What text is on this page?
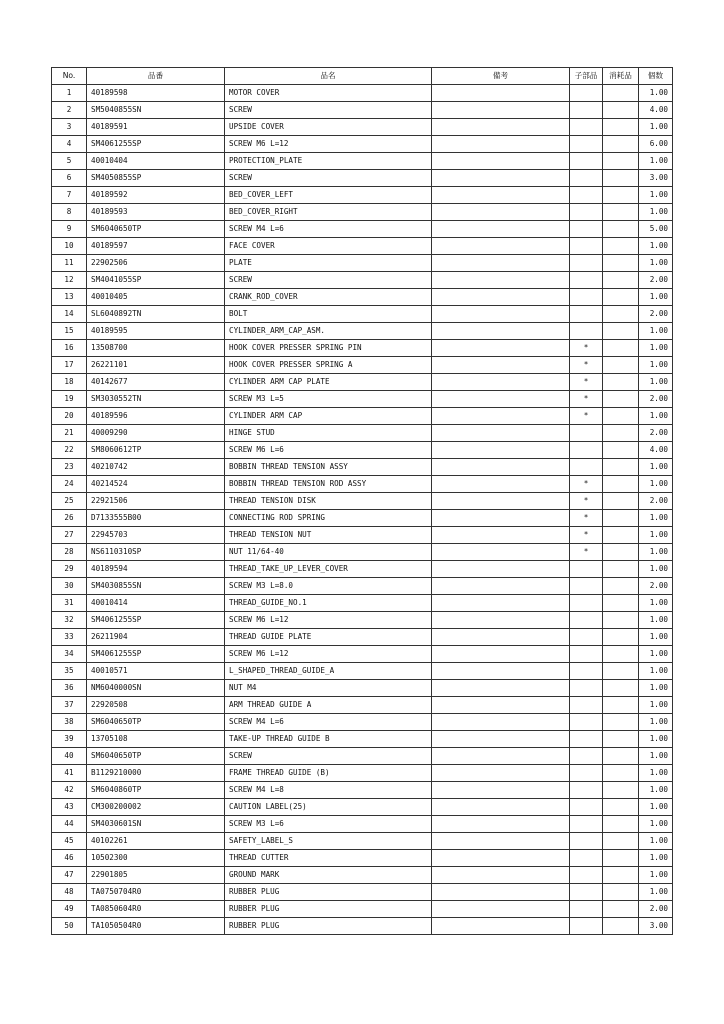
No.	品番	品名	備考	子部品	消耗品	個数
1	40189598	MOTOR COVER				1.00
2	SM5040855SN	SCREW				4.00
3	40189591	UPSIDE COVER				1.00
4	SM4061255SP	SCREW M6 L=12				6.00
5	40010404	PROTECTION_PLATE				1.00
6	SM4050855SP	SCREW				3.00
7	40189592	BED_COVER_LEFT				1.00
8	40189593	BED_COVER_RIGHT				1.00
9	SM6040650TP	SCREW M4 L=6				5.00
10	40189597	FACE COVER				1.00
11	22902506	PLATE				1.00
12	SM4041055SP	SCREW				2.00
13	40010405	CRANK_ROD_COVER				1.00
14	SL6040892TN	BOLT				2.00
15	40189595	CYLINDER_ARM_CAP_ASM.				1.00
16	13508700	HOOK COVER PRESSER SPRING PIN		*		1.00
17	26221101	HOOK COVER PRESSER SPRING A		*		1.00
18	40142677	CYLINDER ARM CAP PLATE		*		1.00
19	SM3030552TN	SCREW M3 L=5		*		2.00
20	40189596	CYLINDER ARM CAP		*		1.00
21	40009290	HINGE STUD				2.00
22	SM8060612TP	SCREW M6 L=6				4.00
23	40210742	BOBBIN THREAD TENSION ASSY				1.00
24	40214524	BOBBIN THREAD TENSION ROD ASSY		*		1.00
25	22921506	THREAD TENSION DISK		*		2.00
26	D7133555B00	CONNECTING ROD SPRING		*		1.00
27	22945703	THREAD TENSION NUT		*		1.00
28	NS6110310SP	NUT 11/64-40		*		1.00
29	40189594	THREAD_TAKE_UP_LEVER_COVER				1.00
30	SM4030855SN	SCREW M3 L=8.0				2.00
31	40010414	THREAD_GUIDE_NO.1				1.00
32	SM4061255SP	SCREW M6 L=12				1.00
33	26211904	THREAD GUIDE PLATE				1.00
34	SM4061255SP	SCREW M6 L=12				1.00
35	40010571	L_SHAPED_THREAD_GUIDE_A				1.00
36	NM6040000SN	NUT M4				1.00
37	22920508	ARM THREAD GUIDE A				1.00
38	SM6040650TP	SCREW M4 L=6				1.00
39	13705108	TAKE-UP THREAD GUIDE B				1.00
40	SM6040650TP	SCREW				1.00
41	B1129210000	FRAME THREAD GUIDE (B)				1.00
42	SM6040860TP	SCREW M4 L=8				1.00
43	CM300200002	CAUTION LABEL(25)				1.00
44	SM4030601SN	SCREW M3 L=6				1.00
45	40102261	SAFETY_LABEL_S				1.00
46	10502300	THREAD CUTTER				1.00
47	22901805	GROUND MARK				1.00
48	TA0750704R0	RUBBER PLUG				1.00
49	TA0850604R0	RUBBER PLUG				2.00
50	TA1050504R0	RUBBER PLUG				3.00
